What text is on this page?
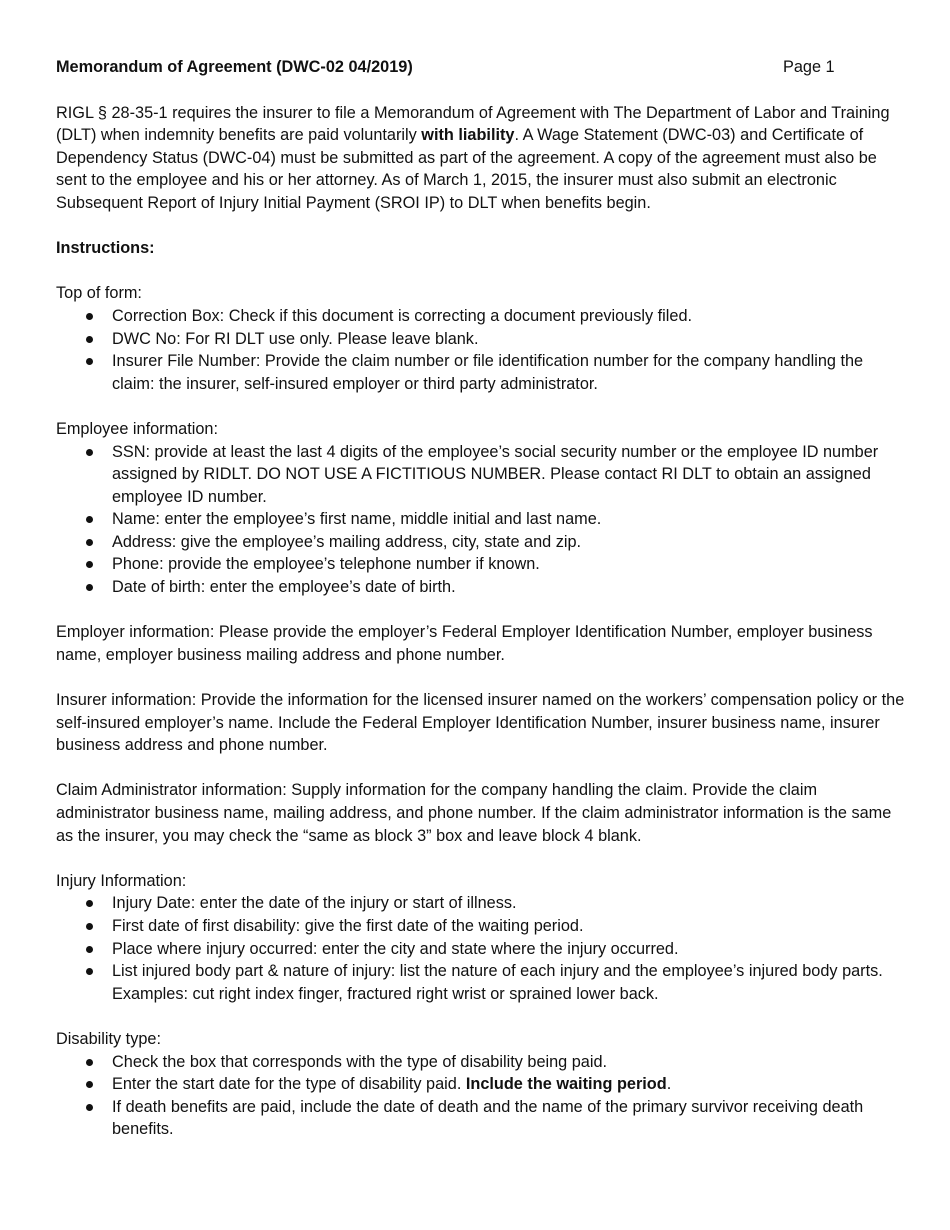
Memorandum of Agreement (DWC-02 04/2019)	Page 1

RIGL § 28-35-1 requires the insurer to file a Memorandum of Agreement with The Department of Labor and Training (DLT) when indemnity benefits are paid voluntarily with liability. A Wage Statement (DWC-03) and Certificate of Dependency Status (DWC-04) must be submitted as part of the agreement. A copy of the agreement must also be sent to the employee and his or her attorney. As of March 1, 2015, the insurer must also submit an electronic Subsequent Report of Injury Initial Payment (SROI IP) to DLT when benefits begin.

Instructions:

Top of form:

Correction Box: Check if this document is correcting a document previously filed.
DWC No: For RI DLT use only. Please leave blank.
Insurer File Number: Provide the claim number or file identification number for the company handling the claim: the insurer, self-insured employer or third party administrator.

Employee information:

SSN: provide at least the last 4 digits of the employee’s social security number or the employee ID number assigned by RIDLT. DO NOT USE A FICTITIOUS NUMBER. Please contact RI DLT to obtain an assigned employee ID number.
Name: enter the employee’s first name, middle initial and last name.
Address: give the employee’s mailing address, city, state and zip.
Phone: provide the employee’s telephone number if known.
Date of birth: enter the employee’s date of birth.

Employer information: Please provide the employer’s Federal Employer Identification Number, employer business name, employer business mailing address and phone number.

Insurer information: Provide the information for the licensed insurer named on the workers’ compensation policy or the self-insured employer’s name. Include the Federal Employer Identification Number, insurer business name, insurer business address and phone number.

Claim Administrator information: Supply information for the company handling the claim. Provide the claim administrator business name, mailing address, and phone number. If the claim administrator information is the same as the insurer, you may check the “same as block 3” box and leave block 4 blank.

Injury Information:

Injury Date: enter the date of the injury or start of illness.
First date of first disability: give the first date of the waiting period.
Place where injury occurred: enter the city and state where the injury occurred.
List injured body part & nature of injury: list the nature of each injury and the employee’s injured body parts. Examples: cut right index finger, fractured right wrist or sprained lower back.

Disability type:

Check the box that corresponds with the type of disability being paid.
Enter the start date for the type of disability paid. Include the waiting period.
If death benefits are paid, include the date of death and the name of the primary survivor receiving death benefits.
